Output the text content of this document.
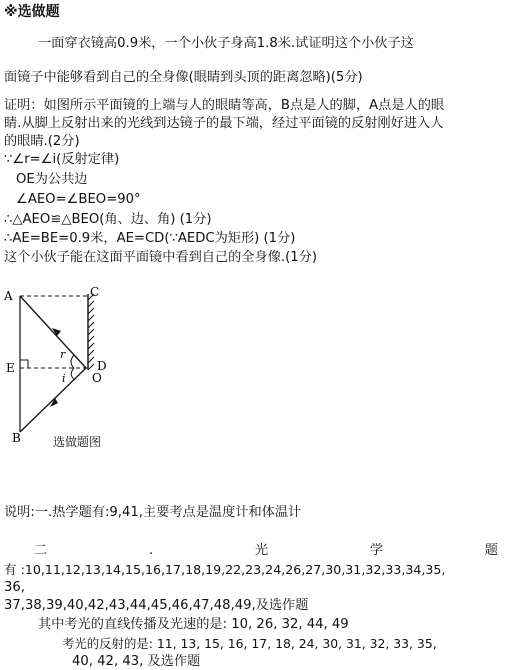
※选做题
一面穿衣镜高0.9米，一个小伙子身高1.8米.试证明这个小伙子这
面镜子中能够看到自己的全身像(眼睛到头顶的距离忽略)(5分)
证明：如图所示平面镜的上端与人的眼睛等高，B点是人的脚，A点是人的眼
睛.从脚上反射出来的光线到达镜子的最下端，经过平面镜的反射刚好进入人
的眼睛.(2分)
∵∠r=∠i(反射定律)
OE为公共边
∠AEO=∠BEO=90°
∴△AEO≌△BEO(角、边、角) (1分)
∴AE=BE=0.9米，AE=CD(∵AEDC为矩形) (1分)
这个小伙子能在这面平面镜中看到自己的全身像.(1分)
A	C
E	D
O
B
r
i
选做题图
说明:一.热学题有:9,41,主要考点是温度计和体温计
二	.	光	学	题
有 :10,11,12,13,14,15,16,17,18,19,22,23,24,26,27,30,31,32,33,34,35,
36,
37,38,39,40,42,43,44,45,46,47,48,49,及选作题
其中考光的直线传播及光速的是: 10, 26, 32, 44, 49
考光的反射的是: 11, 13, 15, 16, 17, 18, 24, 30, 31, 32, 33, 35,
40, 42, 43, 及选作题
